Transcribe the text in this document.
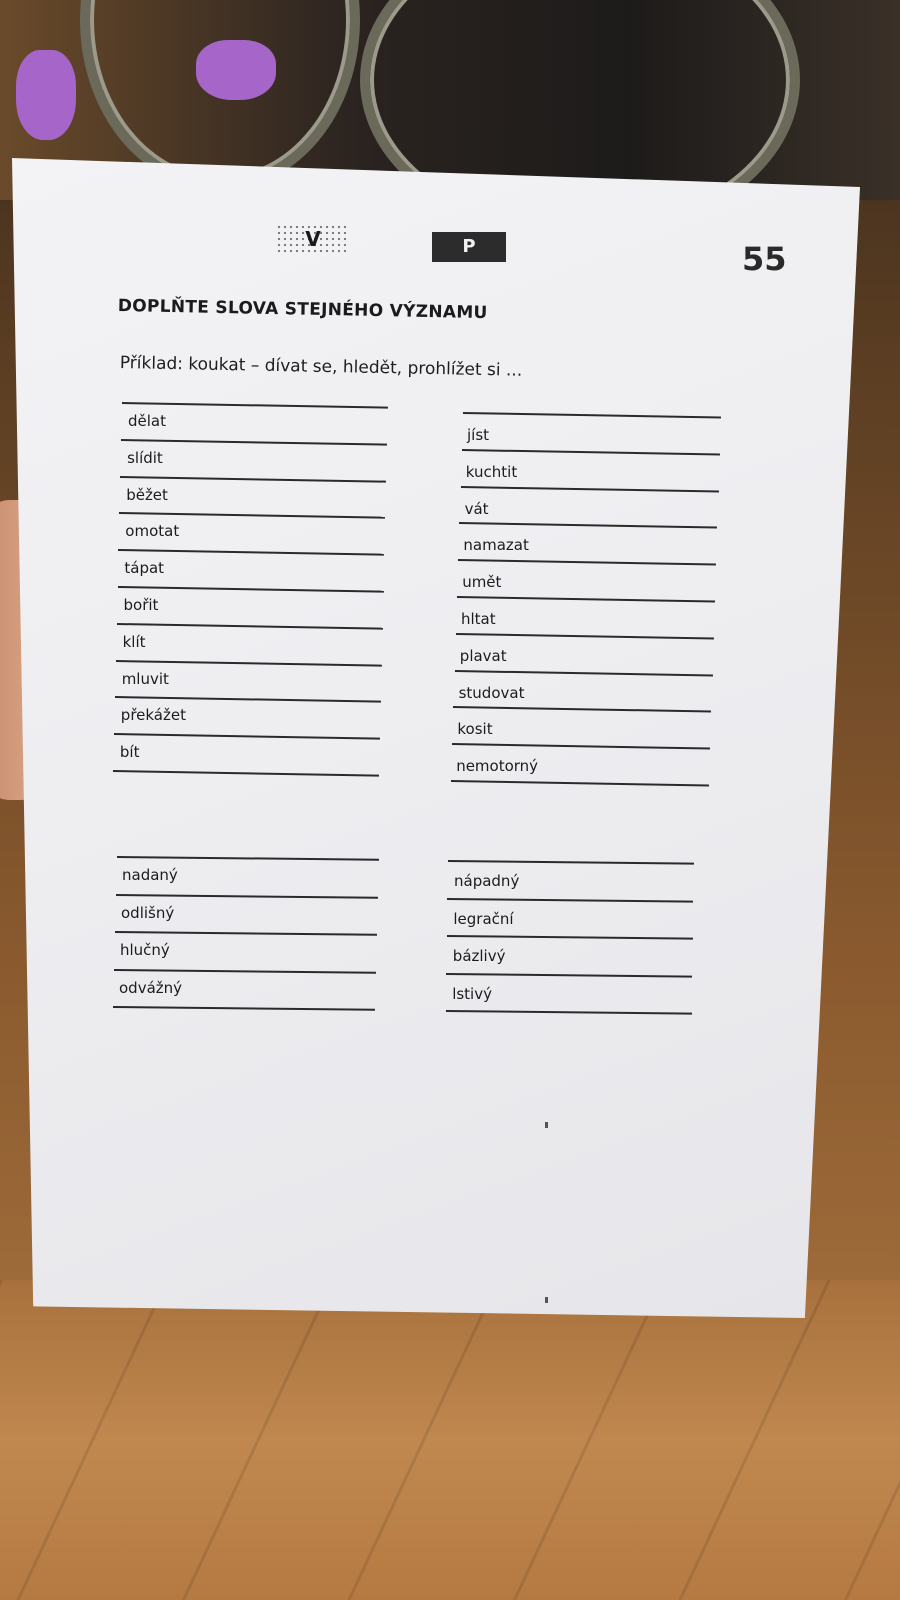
V	P	55
DOPLŇTE SLOVA STEJNÉHO VÝZNAMU
Příklad: koukat – dívat se, hledět, prohlížet si ...
dělat
slídit
běžet
omotat
tápat
bořit
klít
mluvit
překážet
bít
jíst
kuchtit
vát
namazat
umět
hltat
plavat
studovat
kosit
nemotorný
nadaný
odlišný
hlučný
odvážný
nápadný
legrační
bázlivý
lstivý
